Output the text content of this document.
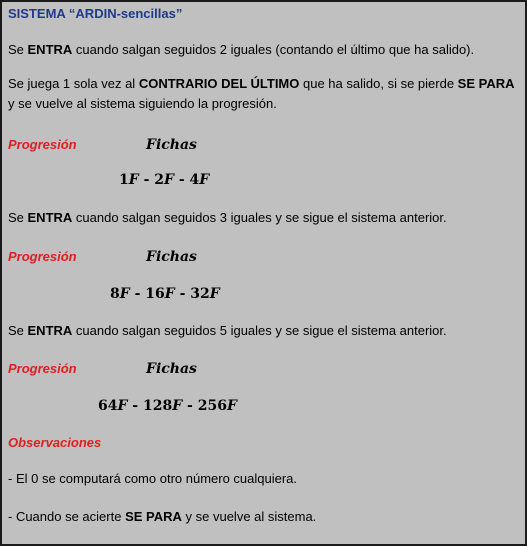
SISTEMA “ARDIN-sencillas”
Se ENTRA cuando salgan seguidos 2 iguales (contando el último que ha salido).
Se juega 1 sola vez al CONTRARIO DEL ÚLTIMO que ha salido, si se pierde SE PARA y se vuelve al sistema siguiendo la progresión.
Progresión	Fichas
1F - 2F - 4F
Se ENTRA cuando salgan seguidos 3 iguales y se sigue el sistema anterior.
Progresión	Fichas
8F - 16F - 32F
Se ENTRA cuando salgan seguidos 5 iguales y se sigue el sistema anterior.
Progresión	Fichas
64F - 128F - 256F
Observaciones
- El 0 se computará como otro número cualquiera.
- Cuando se acierte SE PARA y se vuelve al sistema.
